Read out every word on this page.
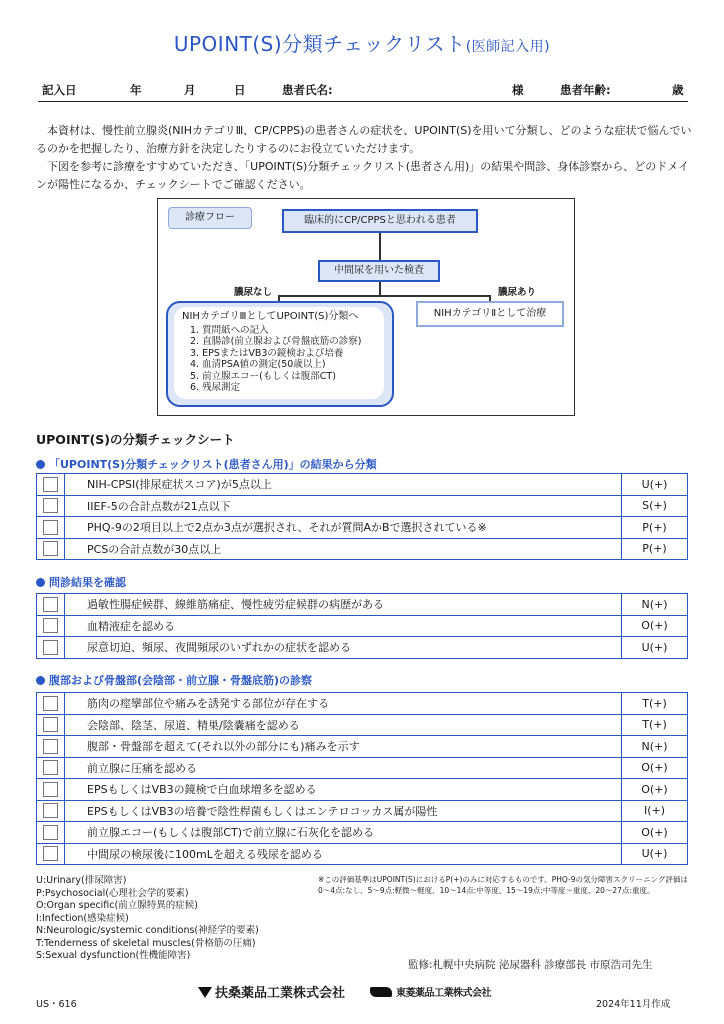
UPOINT(S)分類チェックリスト(医師記入用)
記入日	年	月	日	患者氏名:	様	患者年齢:	歳

本資材は、慢性前立腺炎(NIHカテゴリⅢ、CP/CPPS)の患者さんの症状を、UPOINT(S)を用いて分類し、どのような症状で悩んでいるのかを把握したり、治療方針を決定したりするのにお役立ていただけます。

下図を参考に診療をすすめていただき、「UPOINT(S)分類チェックリスト(患者さん用)」の結果や問診、身体診察から、どのドメインが陽性になるか、チェックシートでご確認ください。

診療フロー	臨床的にCP/CPPSと思われる患者
中間尿を用いた検査
膿尿なし	膿尿あり
NIHカテゴリⅡとして治療
NIHカテゴリⅢとしてUPOINT(S)分類へ
1. 質問紙への記入
2. 直腸診(前立腺および骨盤底筋の診察)
3. EPSまたはVB3の鏡検および培養
4. 血清PSA値の測定(50歳以上)
5. 前立腺エコー(もしくは腹部CT)
6. 残尿測定
UPOINT(S)の分類チェックシート
「UPOINT(S)分類チェックリスト(患者さん用)」の結果から分類
	NIH-CPSI(排尿症状スコア)が5点以上	U(+)

	IIEF-5の合計点数が21点以下	S(+)

	PHQ-9の2項目以上で2点か3点が選択され、それが質問AかBで選択されている※	P(+)

	PCSの合計点数が30点以上	P(+)
問診結果を確認
	過敏性腸症候群、線維筋痛症、慢性疲労症候群の病歴がある	N(+)

	血精液症を認める	O(+)

	尿意切迫、頻尿、夜間頻尿のいずれかの症状を認める	U(+)
腹部および骨盤部(会陰部・前立腺・骨盤底筋)の診察
	筋肉の痙攣部位や痛みを誘発する部位が存在する	T(+)

	会陰部、陰茎、尿道、精巣/陰嚢痛を認める	T(+)

	腹部・骨盤部を超えて(それ以外の部分にも)痛みを示す	N(+)

	前立腺に圧痛を認める	O(+)

	EPSもしくはVB3の鏡検で白血球増多を認める	O(+)

	EPSもしくはVB3の培養で陰性桿菌もしくはエンテロコッカス属が陽性	I(+)

	前立腺エコー(もしくは腹部CT)で前立腺に石灰化を認める	O(+)

	中間尿の検尿後に100mLを超える残尿を認める	U(+)
U:Urinary(排尿障害)
P:Psychosocial(心理社会学的要素)
O:Organ specific(前立腺特異的症候)
I:Infection(感染症候)
N:Neurologic/systemic conditions(神経学的要素)
T:Tenderness of skeletal muscles(骨格筋の圧痛)
S:Sexual dysfunction(性機能障害)
※この評価基準はUPOINT(S)におけるP(+)のみに対応するものです。PHQ-9の気分障害スクリーニング評価は0〜4点:なし、5〜9点:軽微〜軽度、10〜14点:中等度、15〜19点:中等度〜重度、20〜27点:重度。
監修:札幌中央病院 泌尿器科 診療部長 市原浩司先生
US・616
扶桑薬品工業株式会社	東菱薬品工業株式会社
2024年11月作成
